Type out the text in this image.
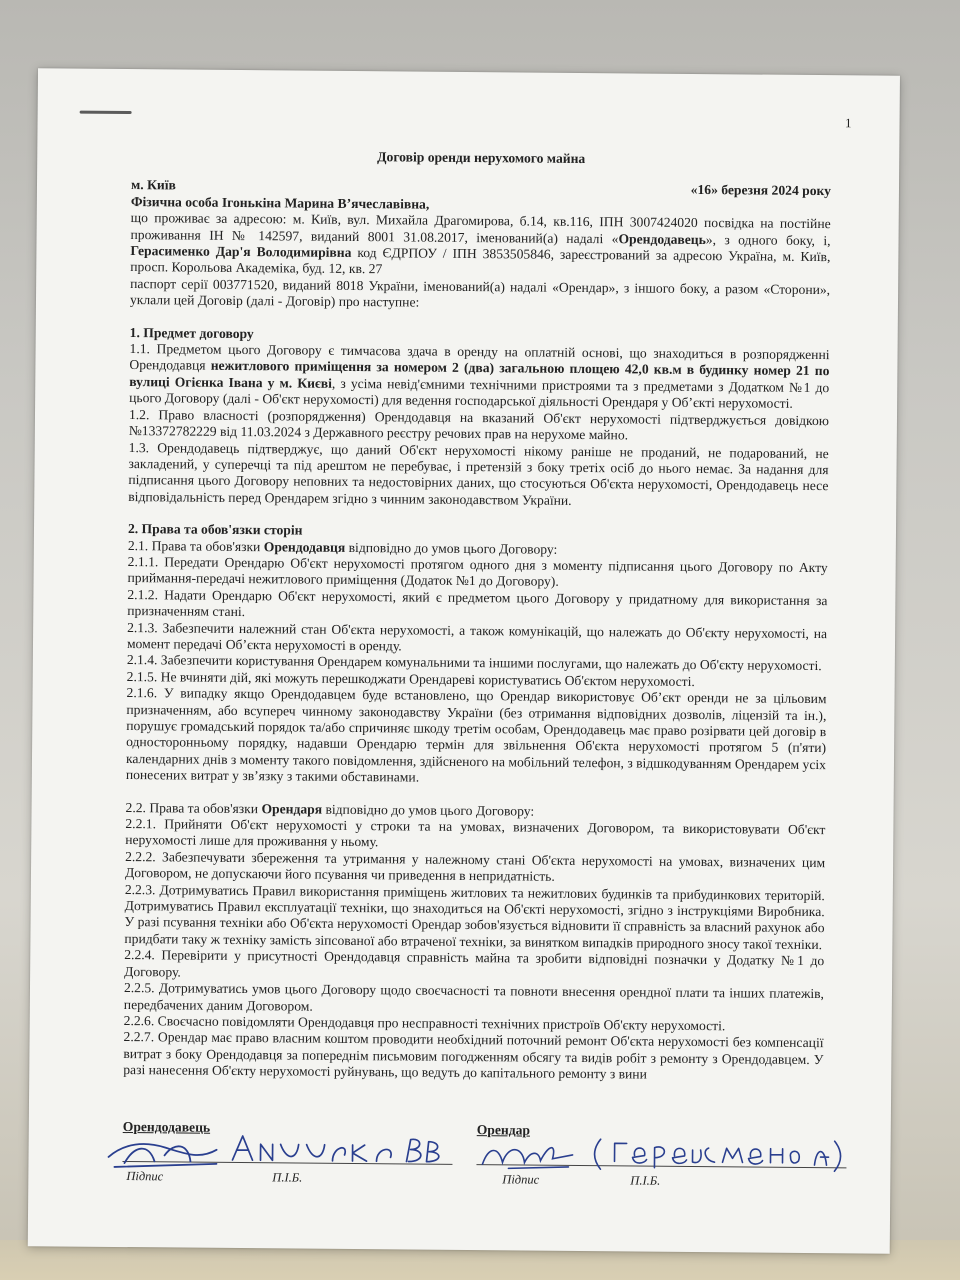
1

Договір оренди нерухомого майна

м. Київ	«16» березня 2024 року

Фізична особа Ігонькіна Марина В’ячеславівна,

що проживає за адресою: м. Київ, вул. Михайла Драгомирова, б.14, кв.116, ІПН 3007424020 посвідка на постійне проживання ІН № 142597, виданий 8001 31.08.2017, іменований(а) надалі «Орендодавець», з одного боку, і, Герасименко Дар'я Володимирівна код ЄДРПОУ / ІПН 3853505846, зареєстрований за адресою Україна, м. Київ, просп. Корольова Академіка, буд. 12, кв. 27

паспорт серії 003771520, виданий 8018 України, іменований(а) надалі «Орендар», з іншого боку, а разом «Сторони», уклали цей Договір (далі - Договір) про наступне:

1. Предмет договору

1.1. Предметом цього Договору є тимчасова здача в оренду на оплатній основі, що знаходиться в розпорядженні Орендодавця нежитлового приміщення за номером 2 (два) загальною площею 42,0 кв.м в будинку номер 21 по вулиці Огієнка Івана у м. Києві, з усіма невід'ємними технічними пристроями та з предметами з Додатком №1 до цього Договору (далі - Об'єкт нерухомості) для ведення господарської діяльності Орендаря у Об’єкті нерухомості.

1.2. Право власності (розпорядження) Орендодавця на вказаний Об'єкт нерухомості підтверджується довідкою №13372782229 від 11.03.2024 з Державного реєстру речових прав на нерухоме майно.

1.3. Орендодавець підтверджує, що даний Об'єкт нерухомості нікому раніше не проданий, не подарований, не закладений, у суперечці та під арештом не перебуває, і претензій з боку третіх осіб до нього немає. За надання для підписання цього Договору неповних та недостовірних даних, що стосуються Об'єкта нерухомості, Орендодавець несе відповідальність перед Орендарем згідно з чинним законодавством України.

2. Права та обов'язки сторін

2.1. Права та обов'язки Орендодавця відповідно до умов цього Договору:

2.1.1. Передати Орендарю Об'єкт нерухомості протягом одного дня з моменту підписання цього Договору по Акту приймання-передачі нежитлового приміщення (Додаток №1 до Договору).

2.1.2. Надати Орендарю Об'єкт нерухомості, який є предметом цього Договору у придатному для використання за призначенням стані.

2.1.3. Забезпечити належний стан Об'єкта нерухомості, а також комунікацій, що належать до Об'єкту нерухомості, на момент передачі Об’єкта нерухомості в оренду.

2.1.4. Забезпечити користування Орендарем комунальними та іншими послугами, що належать до Об'єкту нерухомості.

2.1.5. Не вчиняти дій, які можуть перешкоджати Орендареві користуватись Об'єктом нерухомості.

2.1.6. У випадку якщо Орендодавцем буде встановлено, що Орендар використовує Об’єкт оренди не за цільовим призначенням, або всупереч чинному законодавству України (без отримання відповідних дозволів, ліцензій та ін.), порушує громадський порядок та/або спричиняє шкоду третім особам, Орендодавець має право розірвати цей договір в односторонньому порядку, надавши Орендарю термін для звільнення Об'єкта нерухомості протягом 5 (п'яти) календарних днів з моменту такого повідомлення, здійсненого на мобільний телефон, з відшкодуванням Орендарем усіх понесених витрат у зв’язку з такими обставинами.

2.2. Права та обов'язки Орендаря відповідно до умов цього Договору:

2.2.1. Прийняти Об'єкт нерухомості у строки та на умовах, визначених Договором, та використовувати Об'єкт нерухомості лише для проживання у ньому.

2.2.2. Забезпечувати збереження та утримання у належному стані Об'єкта нерухомості на умовах, визначених цим Договором, не допускаючи його псування чи приведення в непридатність.

2.2.3. Дотримуватись Правил використання приміщень житлових та нежитлових будинків та прибудинкових територій. Дотримуватись Правил експлуатації техніки, що знаходиться на Об'єкті нерухомості, згідно з інструкціями Виробника. У разі псування техніки або Об'єкта нерухомості Орендар зобов'язується відновити її справність за власний рахунок або придбати таку ж техніку замість зіпсованої або втраченої техніки, за винятком випадків природного зносу такої техніки.

2.2.4. Перевірити у присутності Орендодавця справність майна та зробити відповідні позначки у Додатку №1 до Договору.

2.2.5. Дотримуватись умов цього Договору щодо своєчасності та повноти внесення орендної плати та інших платежів, передбачених даним Договором.

2.2.6. Своєчасно повідомляти Орендодавця про несправності технічних пристроїв Об'єкту нерухомості.

2.2.7. Орендар має право власним коштом проводити необхідний поточний ремонт Об'єкта нерухомості без компенсації витрат з боку Орендодавця за попереднім письмовим погодженням обсягу та видів робіт з ремонту з Орендодавцем. У разі нанесення Об'єкту нерухомості руйнувань, що ведуть до капітального ремонту з вини

Орендодавець	Орендар
Підпис	П.І.Б.	Підпис	П.І.Б.
